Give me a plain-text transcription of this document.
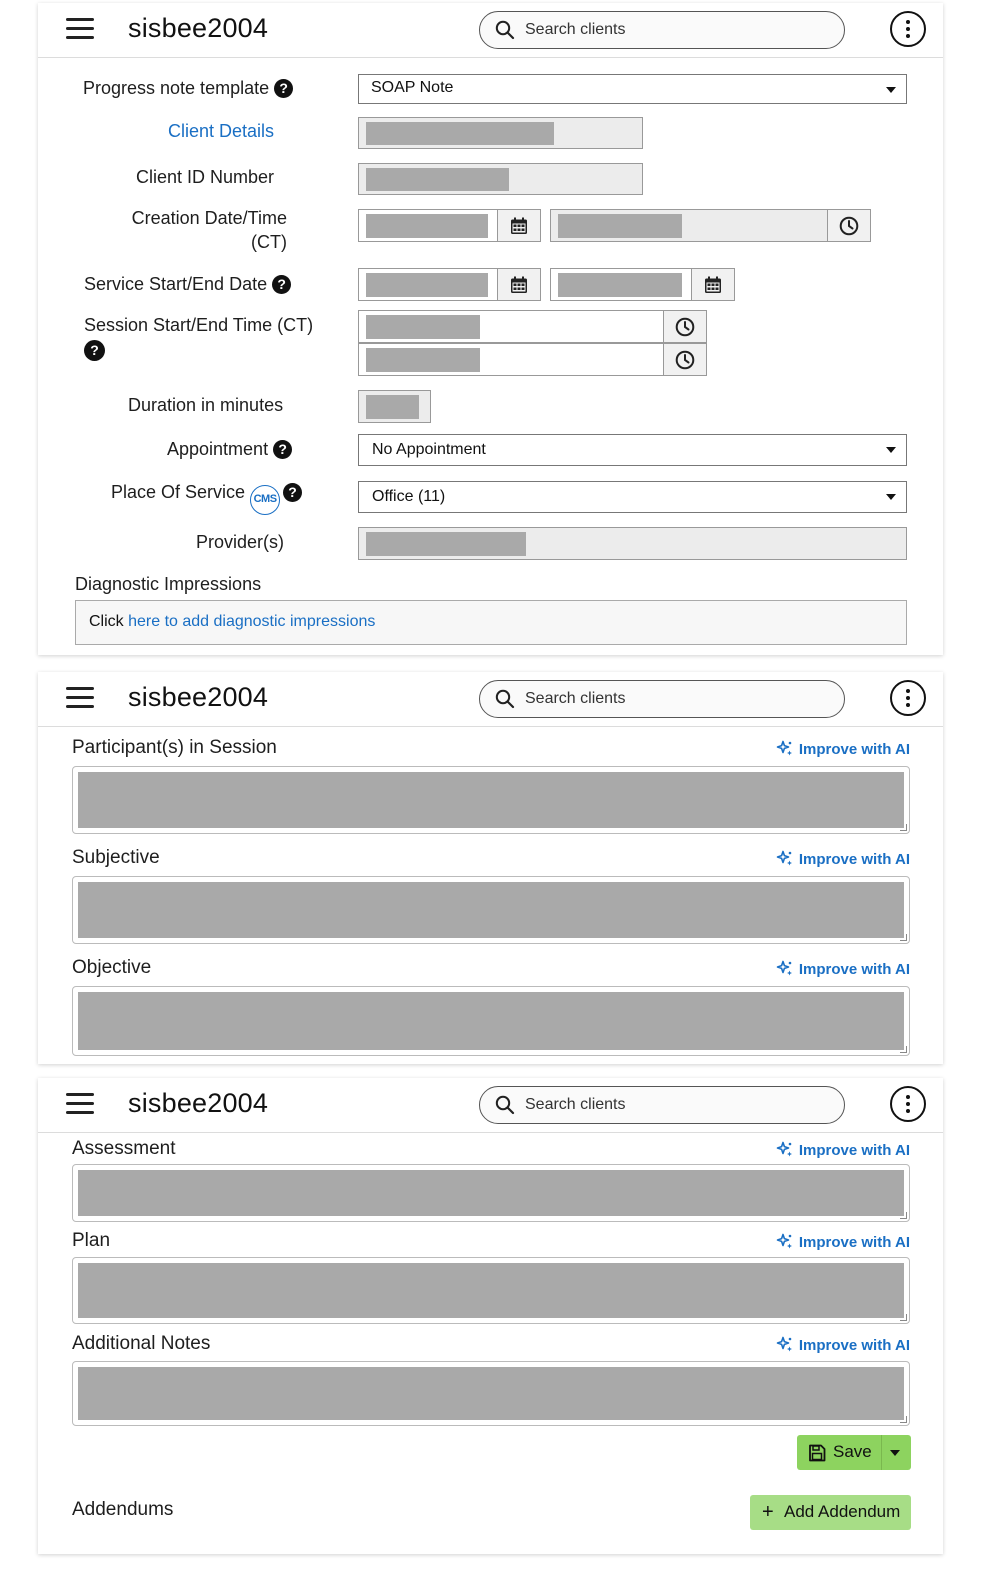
sisbee2004	Search clients
Progress note template ?	SOAP Note
Client Details
Client ID Number
Creation Date/Time
(CT)
Service Start/End Date ?
Session Start/End Time (CT)
?
Duration in minutes
Appointment ?	No Appointment
Place Of Service CMS ?	Office (11)
Provider(s)
Diagnostic Impressions
Click here to add diagnostic impressions
sisbee2004	Search clients
Participant(s) in Session	Improve with AI
Subjective	Improve with AI
Objective	Improve with AI
sisbee2004	Search clients
Assessment	Improve with AI
Plan	Improve with AI
Additional Notes	Improve with AI
Save
Addendums	+ Add Addendum
